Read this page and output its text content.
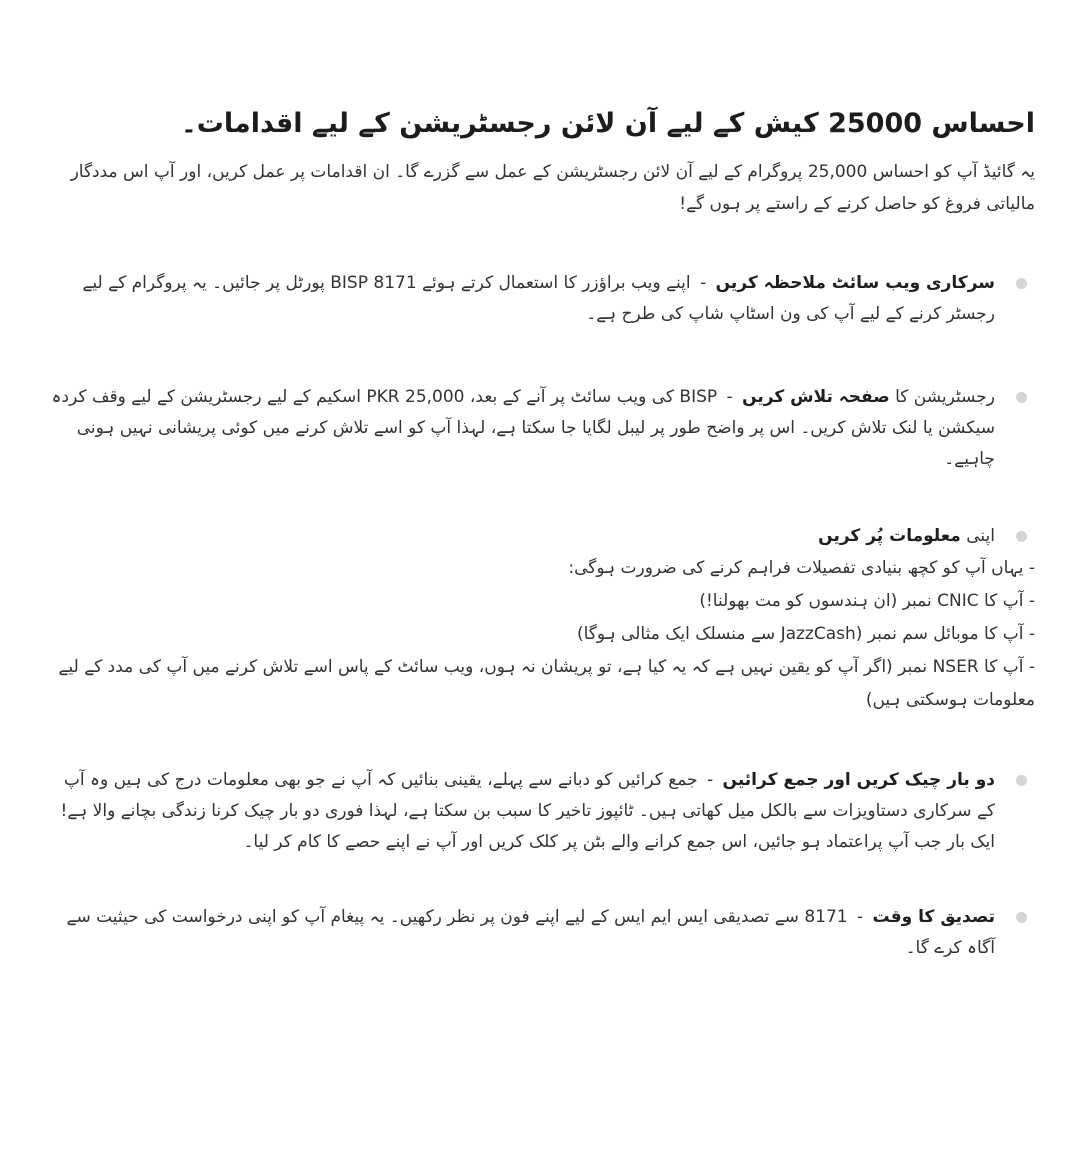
احساس 25000 کیش کے لیے آن لائن رجسٹریشن کے لیے اقدامات۔

یہ گائیڈ آپ کو احساس 25,000 پروگرام کے لیے آن لائن رجسٹریشن کے عمل سے گزرے گا۔ ان اقدامات پر عمل کریں، اور آپ اس مددگار مالیاتی فروغ کو حاصل کرنے کے راستے پر ہوں گے!

سرکاری ویب سائٹ ملاحظہ کریں - اپنے ویب براؤزر کا استعمال کرتے ہوئے BISP 8171 پورٹل پر جائیں۔ یہ پروگرام کے لیے رجسٹر کرنے کے لیے آپ کی ون اسٹاپ شاپ کی طرح ہے۔
رجسٹریشن کا صفحہ تلاش کریں - BISP کی ویب سائٹ پر آنے کے بعد، PKR 25,000 اسکیم کے لیے رجسٹریشن کے لیے وقف کردہ سیکشن یا لنک تلاش کریں۔ اس پر واضح طور پر لیبل لگایا جا سکتا ہے، لہذا آپ کو اسے تلاش کرنے میں کوئی پریشانی نہیں ہونی چاہیے۔
اپنی معلومات پُر کریں
- یہاں آپ کو کچھ بنیادی تفصیلات فراہم کرنے کی ضرورت ہوگی:
- آپ کا CNIC نمبر (ان ہندسوں کو مت بھولنا!)
- آپ کا موبائل سم نمبر (JazzCash سے منسلک ایک مثالی ہوگا)
- آپ کا NSER نمبر (اگر آپ کو یقین نہیں ہے کہ یہ کیا ہے، تو پریشان نہ ہوں، ویب سائٹ کے پاس اسے تلاش کرنے میں آپ کی مدد کے لیے معلومات ہوسکتی ہیں)
دو بار چیک کریں اور جمع کرائیں - جمع کرائیں کو دبانے سے پہلے، یقینی بنائیں کہ آپ نے جو بھی معلومات درج کی ہیں وہ آپ کے سرکاری دستاویزات سے بالکل میل کھاتی ہیں۔ ٹائپوز تاخیر کا سبب بن سکتا ہے، لہذا فوری دو بار چیک کرنا زندگی بچانے والا ہے! ایک بار جب آپ پراعتماد ہو جائیں، اس جمع کرانے والے بٹن پر کلک کریں اور آپ نے اپنے حصے کا کام کر لیا۔
تصدیق کا وقت - 8171 سے تصدیقی ایس ایم ایس کے لیے اپنے فون پر نظر رکھیں۔ یہ پیغام آپ کو اپنی درخواست کی حیثیت سے آگاہ کرے گا۔
